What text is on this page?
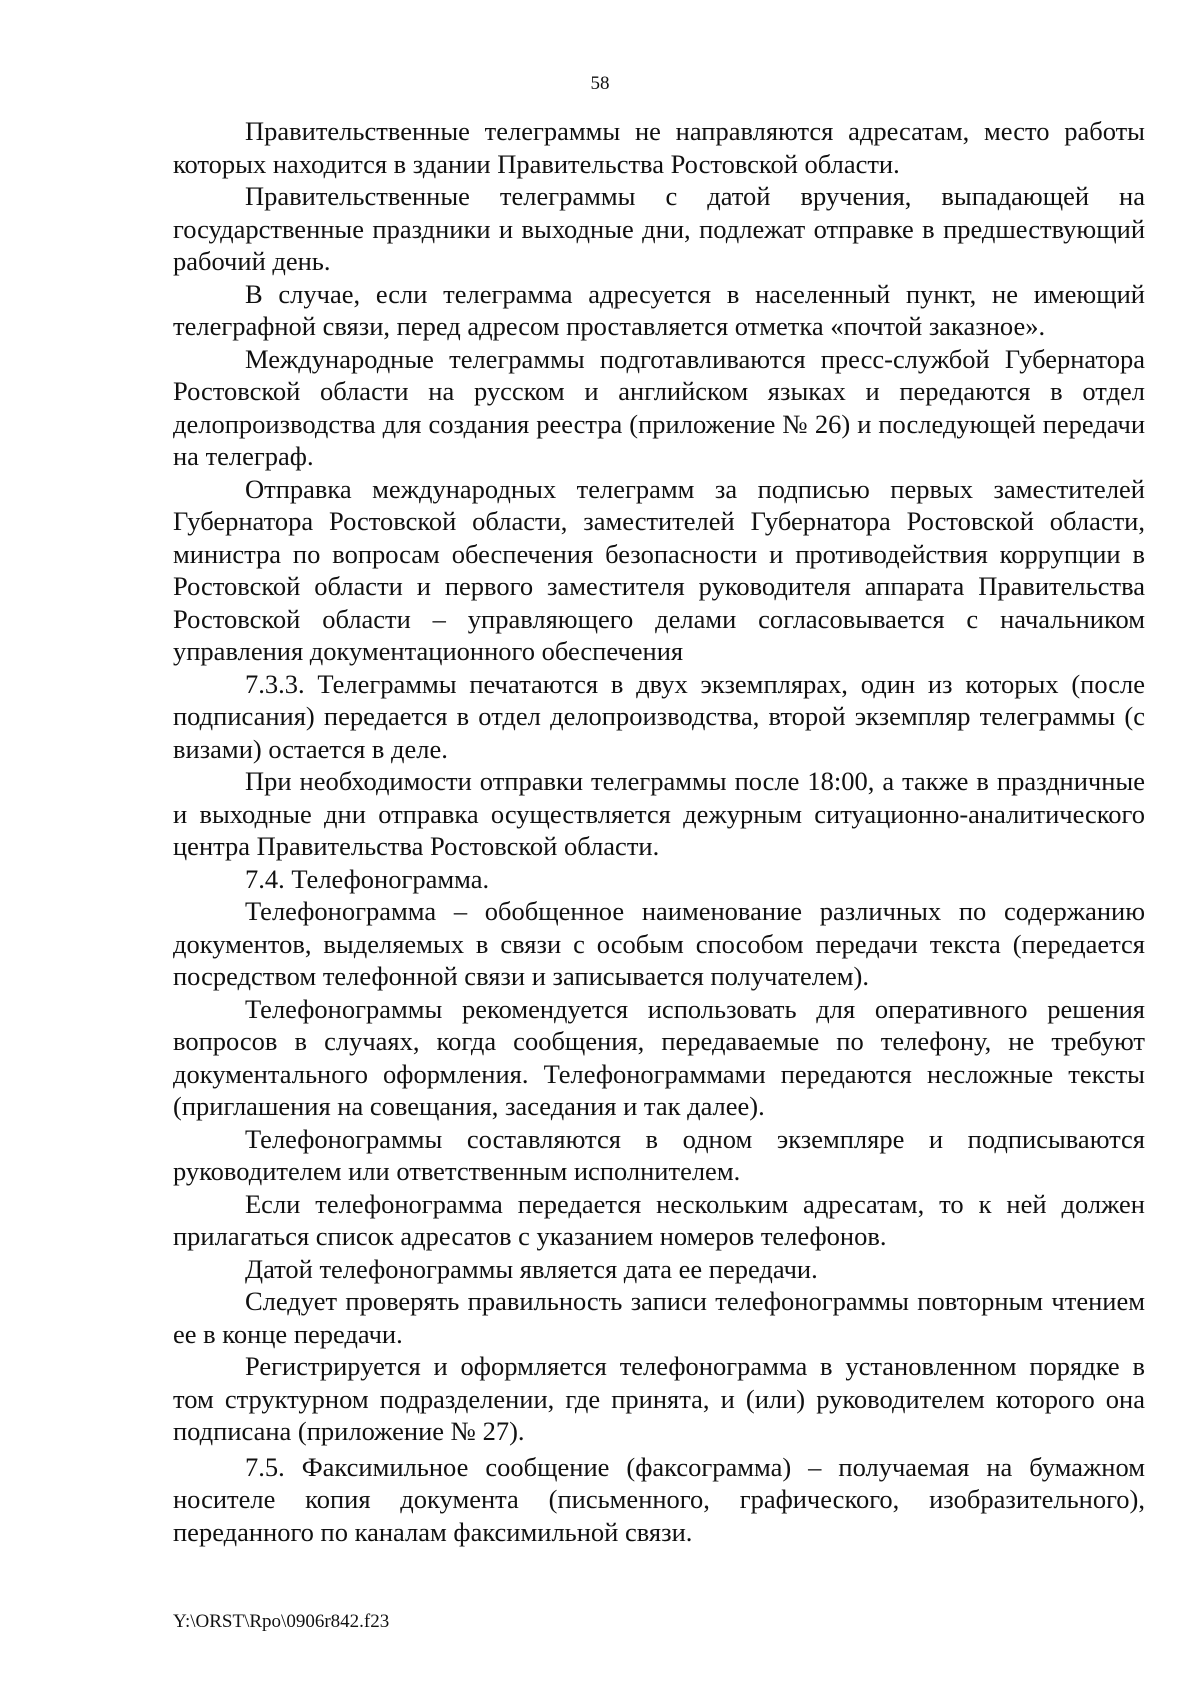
58

Правительственные телеграммы не направляются адресатам, место работы которых находится в здании Правительства Ростовской области.

Правительственные телеграммы с датой вручения, выпадающей на государственные праздники и выходные дни, подлежат отправке в предшествующий рабочий день.

В случае, если телеграмма адресуется в населенный пункт, не имеющий телеграфной связи, перед адресом проставляется отметка «почтой заказное».

Международные телеграммы подготавливаются пресс-службой Губернатора Ростовской области на русском и английском языках и передаются в отдел делопроизводства для создания реестра (приложение № 26) и последующей передачи на телеграф.

Отправка международных телеграмм за подписью первых заместителей Губернатора Ростовской области, заместителей Губернатора Ростовской области, министра по вопросам обеспечения безопасности и противодействия коррупции в Ростовской области и первого заместителя руководителя аппарата Правительства Ростовской области – управляющего делами согласовывается с начальником управления документационного обеспечения

7.3.3. Телеграммы печатаются в двух экземплярах, один из которых (после подписания) передается в отдел делопроизводства, второй экземпляр телеграммы (с визами) остается в деле.

При необходимости отправки телеграммы после 18:00, а также в праздничные и выходные дни отправка осуществляется дежурным ситуационно-аналитического центра Правительства Ростовской области.

7.4. Телефонограмма.

Телефонограмма – обобщенное наименование различных по содержанию документов, выделяемых в связи с особым способом передачи текста (передается посредством телефонной связи и записывается получателем).

Телефонограммы рекомендуется использовать для оперативного решения вопросов в случаях, когда сообщения, передаваемые по телефону, не требуют документального оформления. Телефонограммами передаются несложные тексты (приглашения на совещания, заседания и так далее).

Телефонограммы составляются в одном экземпляре и подписываются руководителем или ответственным исполнителем.

Если телефонограмма передается нескольким адресатам, то к ней должен прилагаться список адресатов с указанием номеров телефонов.

Датой телефонограммы является дата ее передачи.

Следует проверять правильность записи телефонограммы повторным чтением ее в конце передачи.

Регистрируется и оформляется телефонограмма в установленном порядке в том структурном подразделении, где принята, и (или) руководителем которого она подписана (приложение № 27).

7.5. Факсимильное сообщение (факсограмма) – получаемая на бумажном носителе копия документа (письменного, графического, изобразительного), переданного по каналам факсимильной связи.

Y:\ORST\Rpo\0906r842.f23
